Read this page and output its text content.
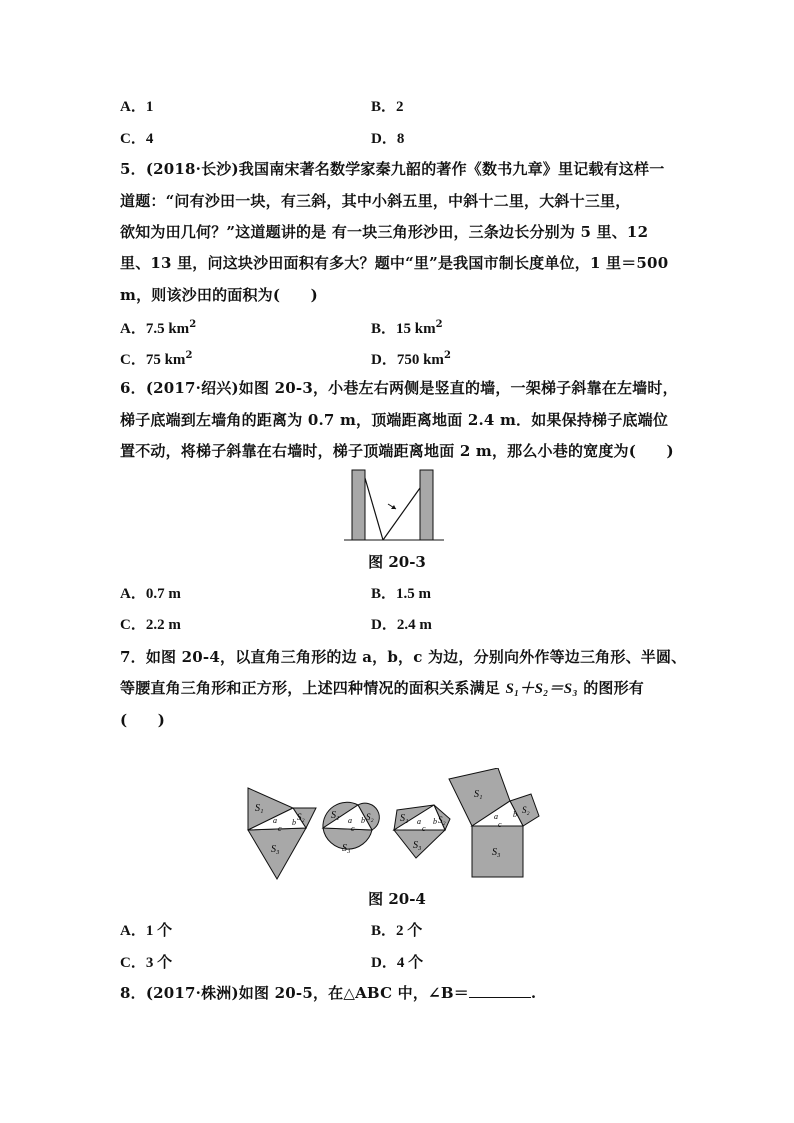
A．1	B．2
C．4	D．8
5．(2018·长沙)我国南宋著名数学家秦九韶的著作《数书九章》里记载有这样一
道题：“问有沙田一块，有三斜，其中小斜五里，中斜十二里，大斜十三里，
欲知为田几何？”这道题讲的是 有一块三角形沙田，三条边长分别为 5 里、12
里、13 里，问这块沙田面积有多大？题中“里”是我国市制长度单位，1 里＝500
m，则该沙田的面积为(　　)
A．7.5 $km^2$	B．15 $km^2$
C．75 $km^2$	D．750 $km^2$
6．(2017·绍兴)如图 20-3，小巷左右两侧是竖直的墙，一架梯子斜靠在左墙时，
梯子底端到左墙角的距离为 0.7 m，顶端距离地面 2.4 m．如果保持梯子底端位
置不动，将梯子斜靠在右墙时，梯子顶端距离地面 2 m，那么小巷的宽度为(　　)
图 20-3
A．0.7 m	B．1.5 m
C．2.2 m	D．2.4 m
7．如图 20-4，以直角三角形的边 a，b，c 为边，分别向外作等边三角形、半圆、
等腰直角三角形和正方形，上述四种情况的面积关系满足 S₁＋S₂＝S₃ 的图形有
(　　)
S₁
S₂
S₃
a b
c
S₁	S₂
S₃
a b
c
S₁	S₂
S₃
a b
c
S₁
S₂
S₃
a b
c
图 20-4
A．1 个	B．2 个
C．3 个	D．4 个
8．(2017·株洲)如图 20-5，在△ABC 中，∠B＝	.
